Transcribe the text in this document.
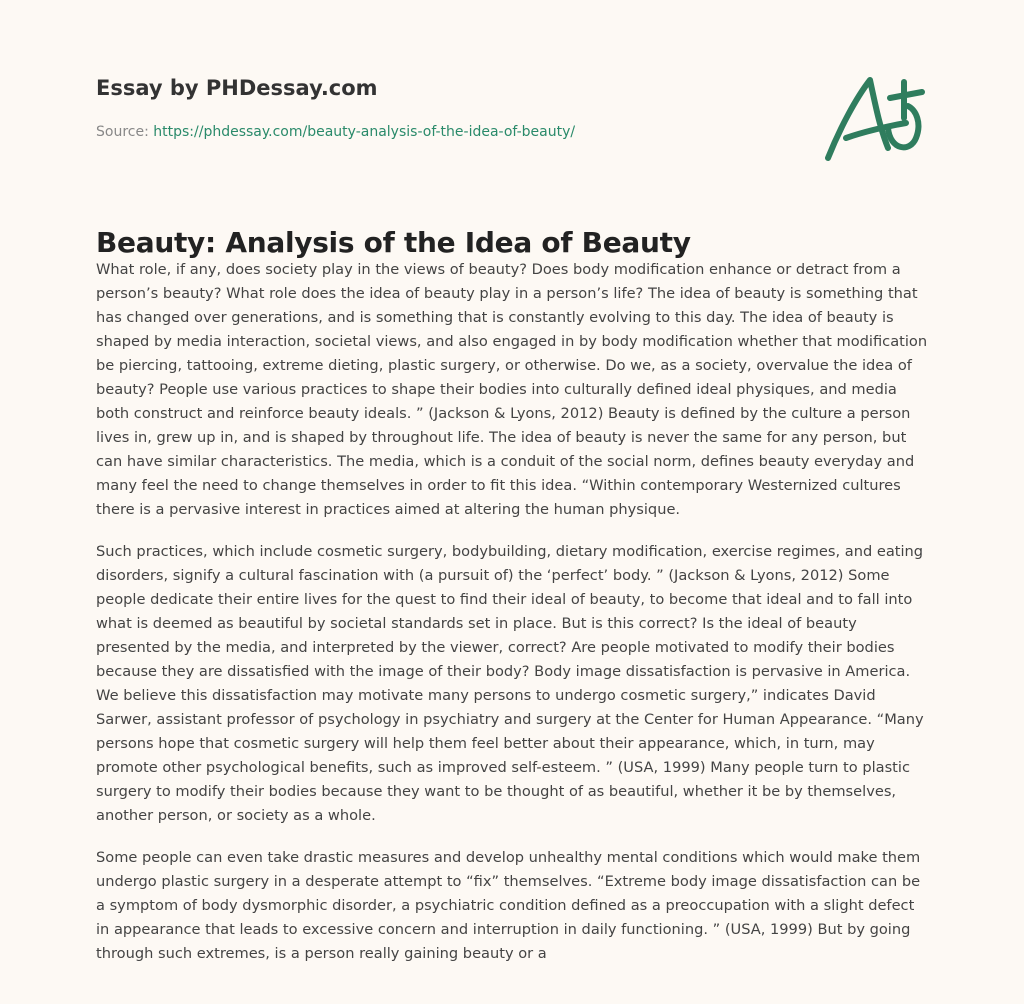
Essay by PHDessay.com
Source: https://phdessay.com/beauty-analysis-of-the-idea-of-beauty/
Beauty: Analysis of the Idea of Beauty

What role, if any, does society play in the views of beauty? Does body modification enhance or detract from a person’s beauty? What role does the idea of beauty play in a person’s life? The idea of beauty is something that has changed over generations, and is something that is constantly evolving to this day. The idea of beauty is shaped by media interaction, societal views, and also engaged in by body modification whether that modification be piercing, tattooing, extreme dieting, plastic surgery, or otherwise. Do we, as a society, overvalue the idea of beauty? People use various practices to shape their bodies into culturally defined ideal physiques, and media both construct and reinforce beauty ideals. ” (Jackson & Lyons, 2012) Beauty is defined by the culture a person lives in, grew up in, and is shaped by throughout life. The idea of beauty is never the same for any person, but can have similar characteristics. The media, which is a conduit of the social norm, defines beauty everyday and many feel the need to change themselves in order to fit this idea. “Within contemporary Westernized cultures there is a pervasive interest in practices aimed at altering the human physique.

Such practices, which include cosmetic surgery, bodybuilding, dietary modification, exercise regimes, and eating disorders, signify a cultural fascination with (a pursuit of) the ‘perfect’ body. ” (Jackson & Lyons, 2012) Some people dedicate their entire lives for the quest to find their ideal of beauty, to become that ideal and to fall into what is deemed as beautiful by societal standards set in place. But is this correct? Is the ideal of beauty presented by the media, and interpreted by the viewer, correct? Are people motivated to modify their bodies because they are dissatisfied with the image of their body? Body image dissatisfaction is pervasive in America. We believe this dissatisfaction may motivate many persons to undergo cosmetic surgery,” indicates David Sarwer, assistant professor of psychology in psychiatry and surgery at the Center for Human Appearance. “Many persons hope that cosmetic surgery will help them feel better about their appearance, which, in turn, may promote other psychological benefits, such as improved self-esteem. ” (USA, 1999) Many people turn to plastic surgery to modify their bodies because they want to be thought of as beautiful, whether it be by themselves, another person, or society as a whole.

Some people can even take drastic measures and develop unhealthy mental conditions which would make them undergo plastic surgery in a desperate attempt to “fix” themselves. “Extreme body image dissatisfaction can be a symptom of body dysmorphic disorder, a psychiatric condition defined as a preoccupation with a slight defect in appearance that leads to excessive concern and interruption in daily functioning. ” (USA, 1999) But by going through such extremes, is a person really gaining beauty or a
